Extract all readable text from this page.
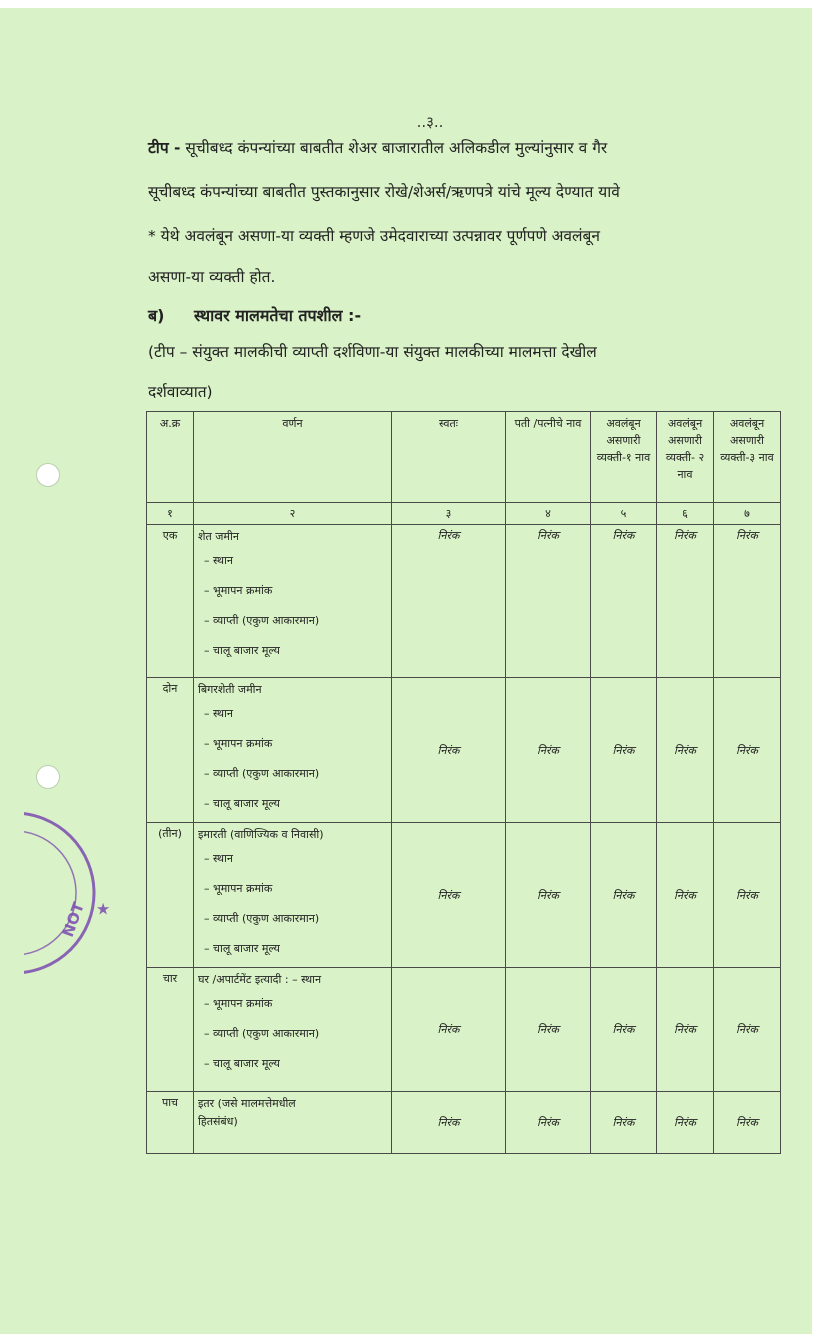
..३..
टीप - सूचीबध्द कंपन्यांच्या बाबतीत शेअर बाजारातील अलिकडील मुल्यांनुसार व गैर
सूचीबध्द कंपन्यांच्या बाबतीत पुस्तकानुसार रोखे/शेअर्स/ऋणपत्रे यांचे मूल्य देण्यात यावे
* येथे अवलंबून असणा-या व्यक्ती म्हणजे उमेदवाराच्या उत्पन्नावर पूर्णपणे अवलंबून
असणा-या व्यक्ती होत.
ब) स्थावर मालमतेचा तपशील :-
(टीप – संयुक्त मालकीची व्याप्ती दर्शविणा-या संयुक्त मालकीच्या मालमत्ता देखील
दर्शवाव्यात)
अ.क्र	वर्णन	स्वतः	पती /पत्नीचे नाव	अवलंबून असणारी व्यक्ती-१ नाव	अवलंबून असणारी व्यक्ती- २ नाव	अवलंबून असणारी व्यक्ती-३ नाव
१	२	३	४	५	६	७
एक	शेत जमीन
– स्थान
– भूमापन क्रमांक
– व्याप्ती (एकुण आकारमान)
– चालू बाजार मूल्य	निरंक	निरंक	निरंक	निरंक	निरंक
दोन	बिगरशेती जमीन
– स्थान
– भूमापन क्रमांक
– व्याप्ती (एकुण आकारमान)
– चालू बाजार मूल्य	निरंक	निरंक	निरंक	निरंक	निरंक
(तीन)	इमारती (वाणिज्यिक व निवासी)
– स्थान
– भूमापन क्रमांक
– व्याप्ती (एकुण आकारमान)
– चालू बाजार मूल्य	निरंक	निरंक	निरंक	निरंक	निरंक
चार	घर /अपार्टमेंट इत्यादी : – स्थान
– भूमापन क्रमांक
– व्याप्ती (एकुण आकारमान)
– चालू बाजार मूल्य	निरंक	निरंक	निरंक	निरंक	निरंक
पाच	इतर (जसे मालमत्तेमधील
हितसंबंध)	निरंक	निरंक	निरंक	निरंक	निरंक
★
NOT
